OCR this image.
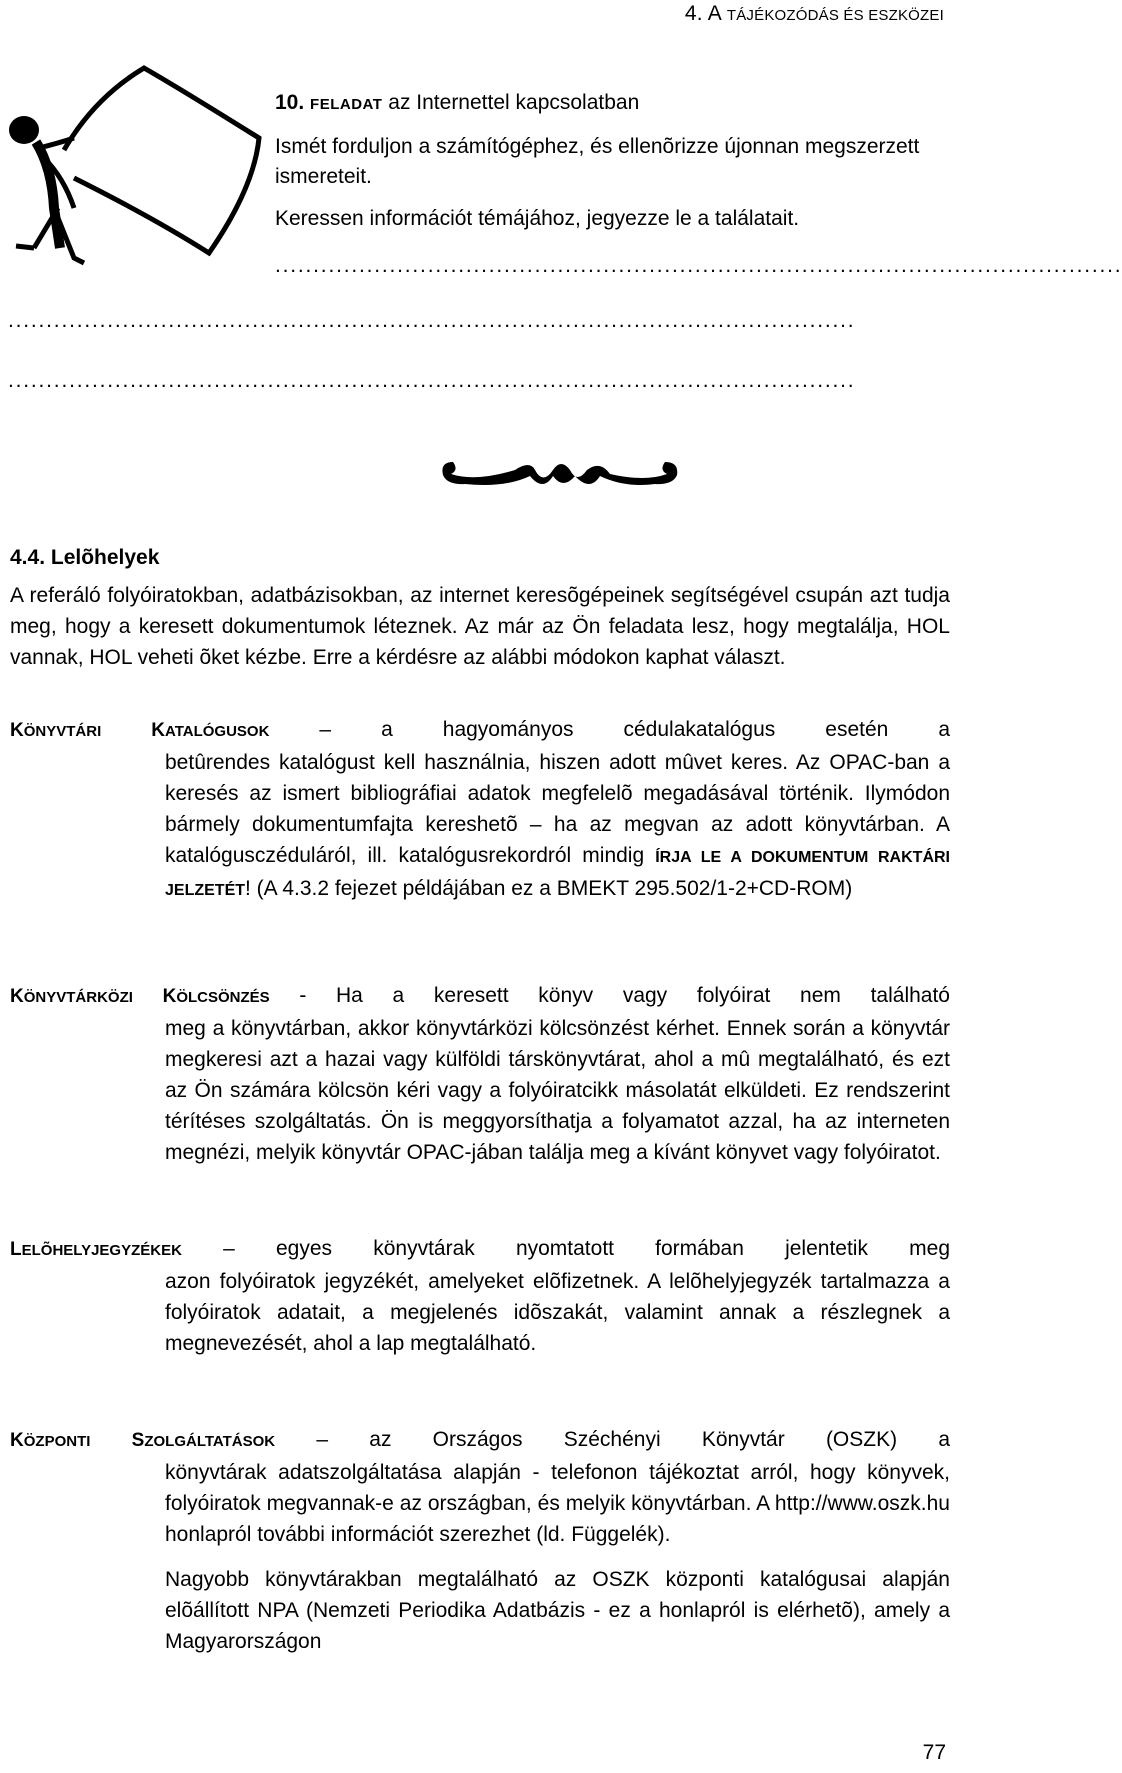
4. A TÁJÉKOZÓDÁS ÉS ESZKÖZEI

10. FELADAT az Internettel kapcsolatban

Ismét forduljon a számítógéphez, és ellenõrizze újonnan megszerzett ismereteit.

Keressen információt témájához, jegyezze le a találatait.

...............................................................................................................
...............................................................................................................
...............................................................................................................
4.4. Lelõhelyek
A referáló folyóiratokban, adatbázisokban, az internet keresõgépeinek segítségével csupán azt tudja meg, hogy a keresett dokumentumok léteznek. Az már az Ön feladata lesz, hogy megtalálja, HOL vannak, HOL veheti õket kézbe. Erre a kérdésre az alábbi módokon kaphat választ.
KÖNYVTÁRI	KATALÓGUSOK – a hagyományos cédulakatalógus esetén a
betûrendes katalógust kell használnia, hiszen adott mûvet keres. Az OPAC-ban a keresés az ismert bibliográfiai adatok megfelelõ megadásával történik. Ilymódon bármely dokumentumfajta kereshetõ – ha az megvan az adott könyvtárban. A katalógusczéduláról, ill. katalógusrekordról mindig ÍRJA LE A DOKUMENTUM RAKTÁRI JELZETÉT! (A 4.3.2 fejezet példájában ez a BMEKT 295.502/1-2+CD-ROM)
KÖNYVTÁRKÖZI KÖLCSÖNZÉS - Ha a keresett könyv vagy folyóirat nem található
meg a könyvtárban, akkor könyvtárközi kölcsönzést kérhet. Ennek során a könyvtár megkeresi azt a hazai vagy külföldi társkönyvtárat, ahol a mû megtalálható, és ezt az Ön számára kölcsön kéri vagy a folyóiratcikk másolatát elküldeti. Ez rendszerint térítéses szolgáltatás. Ön is meggyorsíthatja a folyamatot azzal, ha az interneten megnézi, melyik könyvtár OPAC-jában találja meg a kívánt könyvet vagy folyóiratot.
LELÕHELYJEGYZÉKEK – egyes könyvtárak nyomtatott formában jelentetik meg
azon folyóiratok jegyzékét, amelyeket elõfizetnek. A lelõhelyjegyzék tartalmazza a folyóiratok adatait, a megjelenés idõszakát, valamint annak a részlegnek a megnevezését, ahol a lap megtalálható.
KÖZPONTI SZOLGÁLTATÁSOK – az Országos Széchényi Könyvtár (OSZK) a
könyvtárak adatszolgáltatása alapján - telefonon tájékoztat arról, hogy könyvek, folyóiratok megvannak-e az országban, és melyik könyvtárban. A http://www.oszk.hu honlapról további információt szerezhet (ld. Függelék).
Nagyobb könyvtárakban megtalálható az OSZK központi katalógusai alapján elõállított NPA (Nemzeti Periodika Adatbázis - ez a honlapról is elérhetõ), amely a Magyarországon
77
